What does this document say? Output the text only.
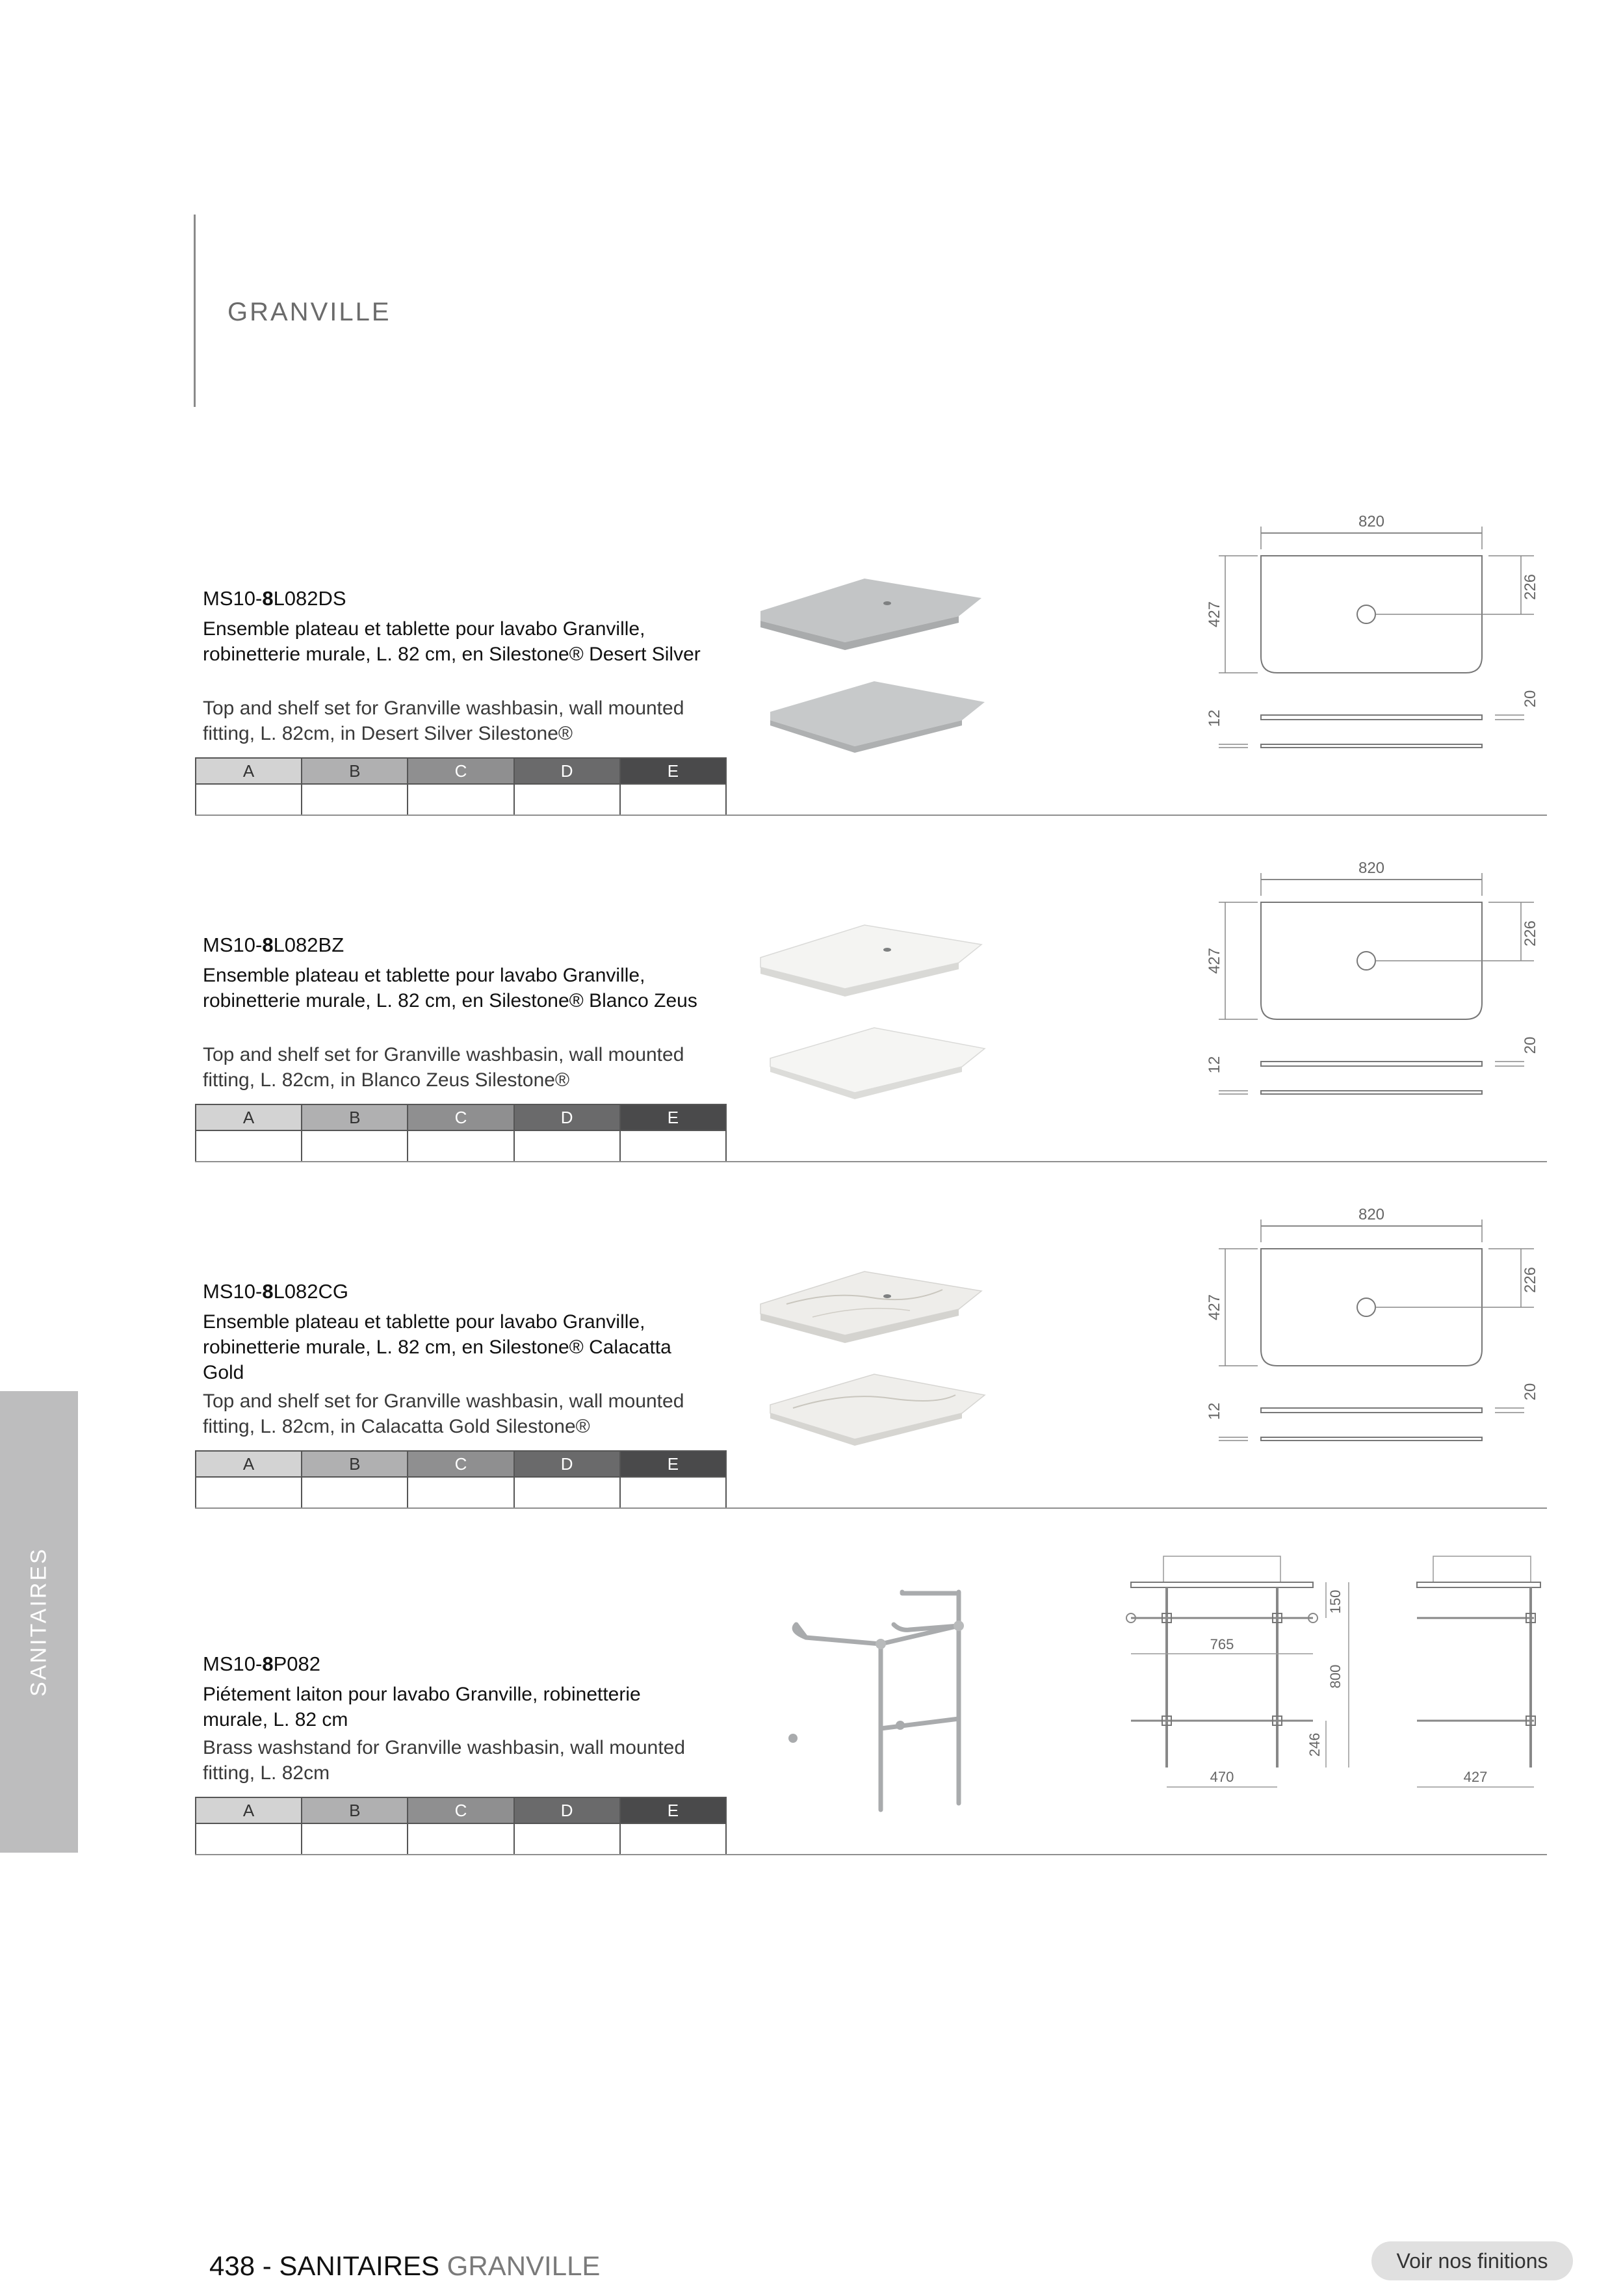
GRANVILLE
SANITAIRES
MS10-8L082DS
Ensemble plateau et tablette pour lavabo Granville, robinetterie murale, L. 82 cm, en Silestone® Desert Silver
Top and shelf set for Granville washbasin, wall mounted fitting, L. 82cm, in Desert Silver Silestone®
A	B	C	D	E

820
226
427
20
12
MS10-8L082BZ
Ensemble plateau et tablette pour lavabo Granville, robinetterie murale, L. 82 cm, en Silestone® Blanco Zeus
Top and shelf set for Granville washbasin, wall mounted fitting, L. 82cm, in Blanco Zeus Silestone®
A	B	C	D	E

820
226
427
20
12
MS10-8L082CG
Ensemble plateau et tablette pour lavabo Granville, robinetterie murale, L. 82 cm, en Silestone® Calacatta Gold
Top and shelf set for Granville washbasin, wall mounted fitting, L. 82cm, in Calacatta Gold Silestone®
A	B	C	D	E

820
226
427
20
12
MS10-8P082
Piétement laiton pour lavabo Granville, robinetterie murale, L. 82 cm
Brass washstand for Granville washbasin, wall mounted fitting, L. 82cm
A	B	C	D	E

765
150
800
246
470	427
438 - SANITAIRES GRANVILLE	Voir nos finitions
